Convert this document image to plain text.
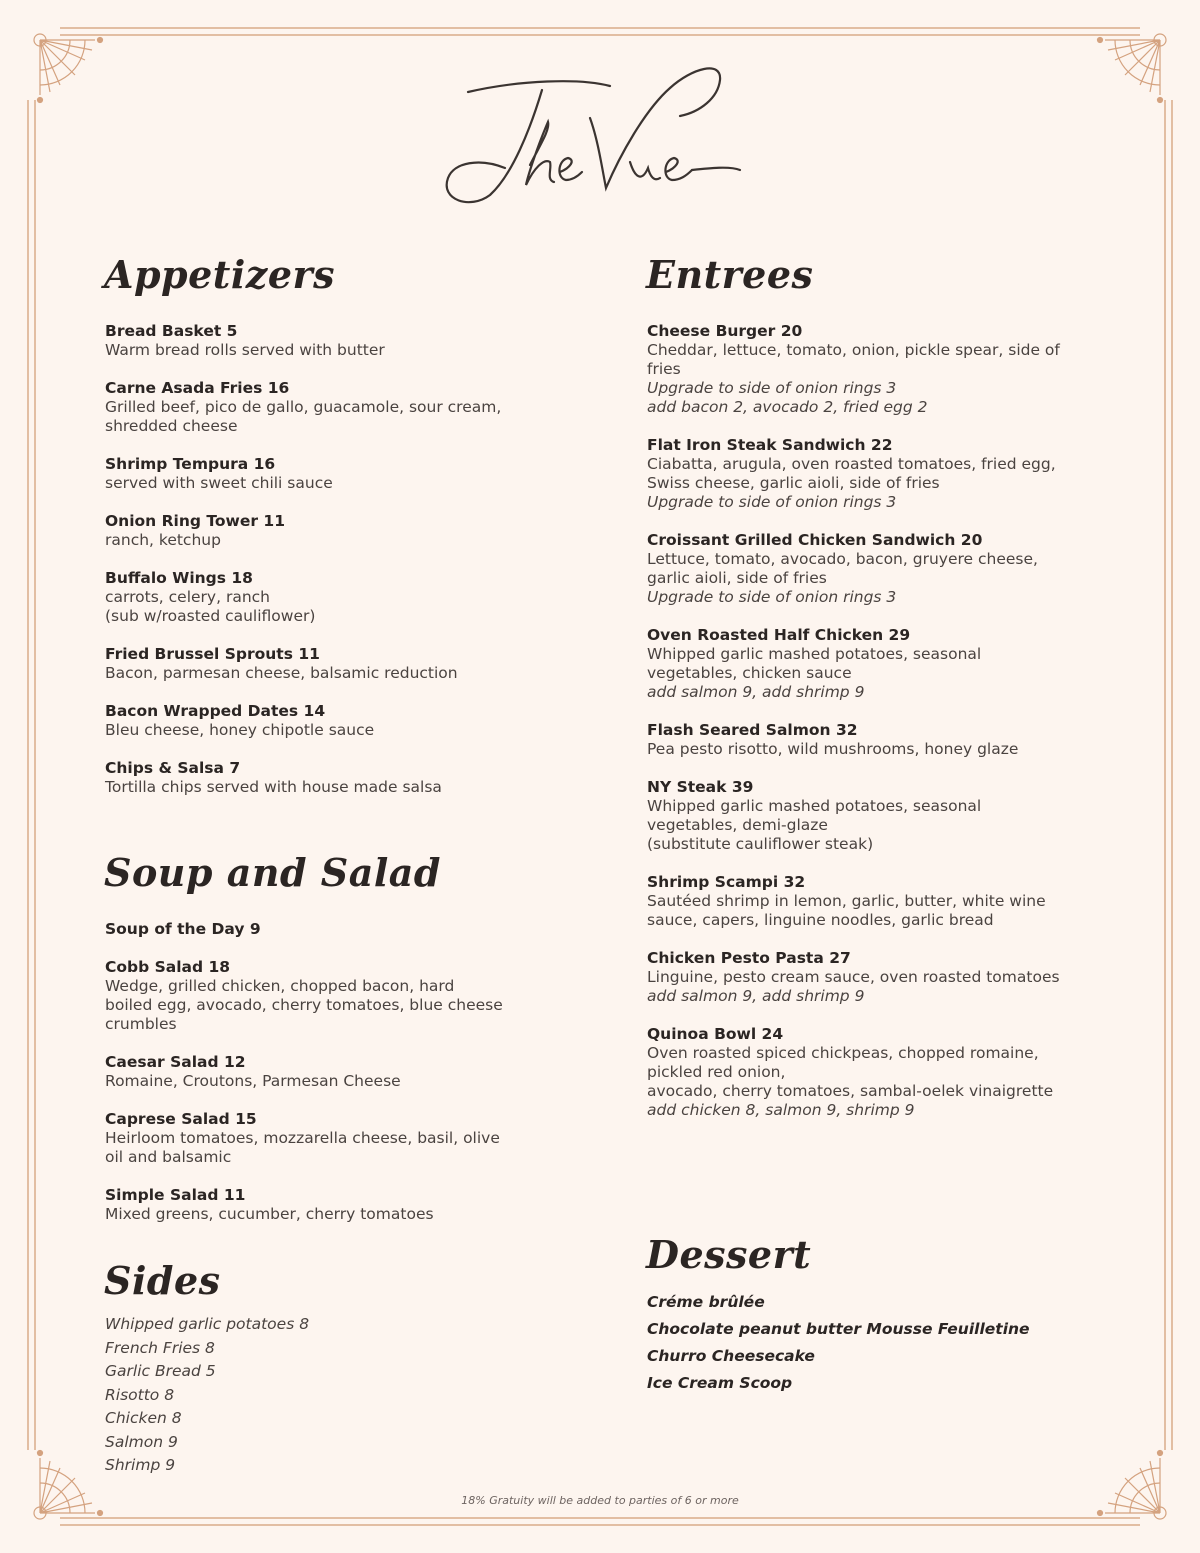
Appetizers
Bread Basket 5
Warm bread rolls served with butter
Carne Asada Fries 16
Grilled beef, pico de gallo, guacamole, sour cream,
shredded cheese
Shrimp Tempura 16
served with sweet chili sauce
Onion Ring Tower 11
ranch, ketchup
Buffalo Wings 18
carrots, celery, ranch
(sub w/roasted cauliflower)
Fried Brussel Sprouts 11
Bacon, parmesan cheese, balsamic reduction
Bacon Wrapped Dates 14
Bleu cheese, honey chipotle sauce
Chips & Salsa 7
Tortilla chips served with house made salsa
Soup and Salad
Soup of the Day 9
Cobb Salad 18
Wedge, grilled chicken, chopped bacon, hard
boiled egg, avocado, cherry tomatoes, blue cheese
crumbles
Caesar Salad 12
Romaine, Croutons, Parmesan Cheese
Caprese Salad 15
Heirloom tomatoes, mozzarella cheese, basil, olive
oil and balsamic
Simple Salad 11
Mixed greens, cucumber, cherry tomatoes
Sides
Whipped garlic potatoes 8
French Fries 8
Garlic Bread 5
Risotto 8
Chicken 8
Salmon 9
Shrimp 9
Entrees
Cheese Burger 20
Cheddar, lettuce, tomato, onion, pickle spear, side of
fries
Upgrade to side of onion rings 3
add bacon 2, avocado 2, fried egg 2
Flat Iron Steak Sandwich 22
Ciabatta, arugula, oven roasted tomatoes, fried egg,
Swiss cheese, garlic aioli, side of fries
Upgrade to side of onion rings 3
Croissant Grilled Chicken Sandwich 20
Lettuce, tomato, avocado, bacon, gruyere cheese,
garlic aioli, side of fries
Upgrade to side of onion rings 3
Oven Roasted Half Chicken 29
Whipped garlic mashed potatoes, seasonal
vegetables, chicken sauce
add salmon 9, add shrimp 9
Flash Seared Salmon 32
Pea pesto risotto, wild mushrooms, honey glaze
NY Steak 39
Whipped garlic mashed potatoes, seasonal
vegetables, demi-glaze
(substitute cauliflower steak)
Shrimp Scampi 32
Sautéed shrimp in lemon, garlic, butter, white wine
sauce, capers, linguine noodles, garlic bread
Chicken Pesto Pasta 27
Linguine, pesto cream sauce, oven roasted tomatoes
add salmon 9, add shrimp 9
Quinoa Bowl 24
Oven roasted spiced chickpeas, chopped romaine,
pickled red onion,
avocado, cherry tomatoes, sambal-oelek vinaigrette
add chicken 8, salmon 9, shrimp 9
Dessert
Créme brûlée
Chocolate peanut butter Mousse Feuilletine
Churro Cheesecake
Ice Cream Scoop
18% Gratuity will be added to parties of 6 or more
